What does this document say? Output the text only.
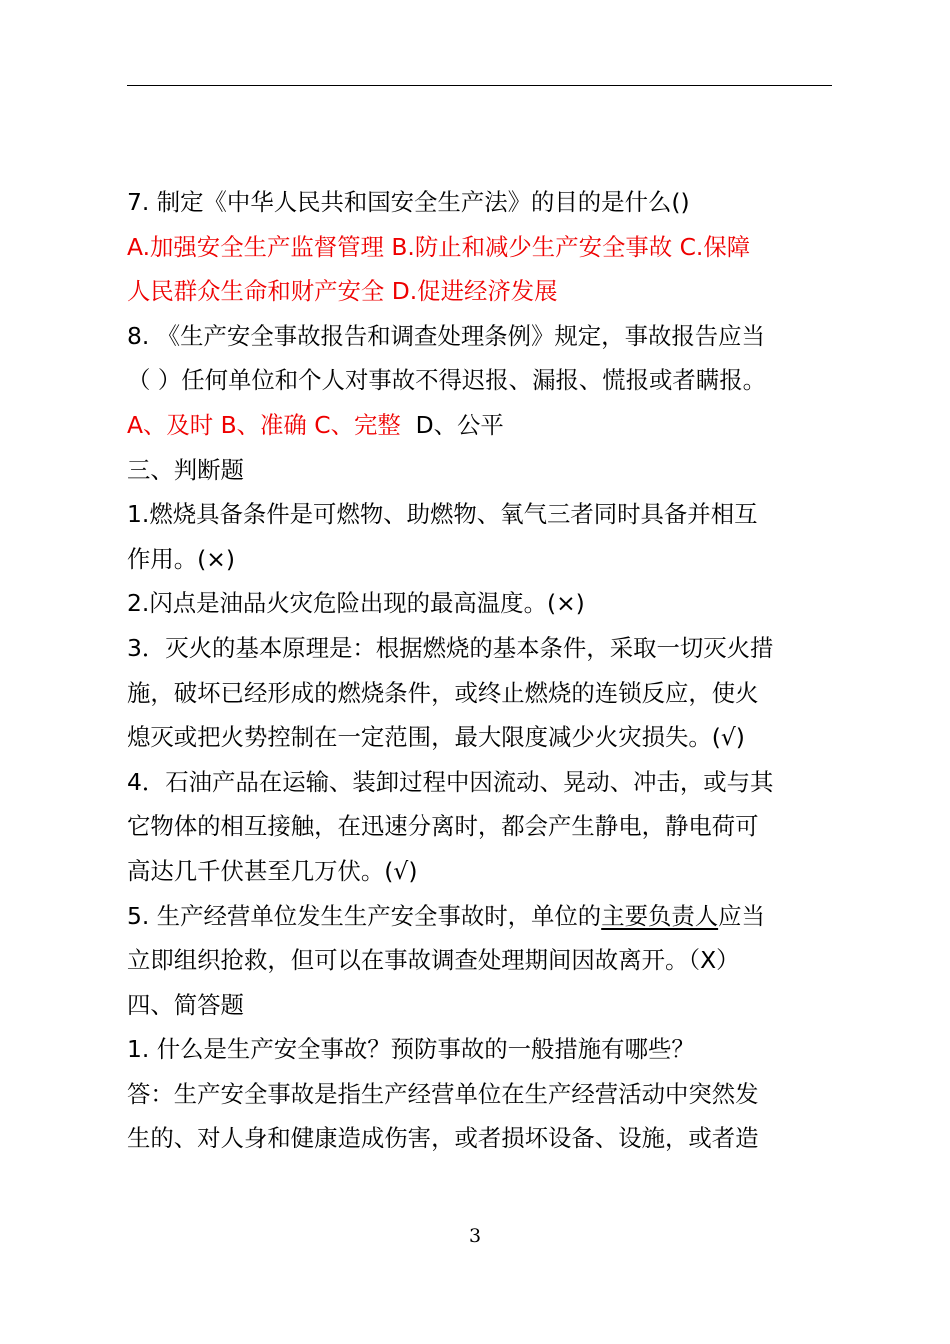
7. 制定《中华人民共和国安全生产法》的目的是什么()
A.加强安全生产监督管理 B.防止和减少生产安全事故 C.保障
人民群众生命和财产安全 D.促进经济发展
8. 《生产安全事故报告和调查处理条例》规定，事故报告应当
（ ）任何单位和个人对事故不得迟报、漏报、慌报或者瞒报。
A、及时 B、准确 C、完整 D、公平
三、判断题
1.燃烧具备条件是可燃物、助燃物、氧气三者同时具备并相互
作用。(×)
2.闪点是油品火灾危险出现的最高温度。(×)
3．灭火的基本原理是：根据燃烧的基本条件，采取一切灭火措
施，破坏已经形成的燃烧条件，或终止燃烧的连锁反应，使火
熄灭或把火势控制在一定范围，最大限度减少火灾损失。(√)
4．石油产品在运输、装卸过程中因流动、晃动、冲击，或与其
它物体的相互接触，在迅速分离时，都会产生静电，静电荷可
高达几千伏甚至几万伏。(√)
5. 生产经营单位发生生产安全事故时，单位的主要负责人应当
立即组织抢救，但可以在事故调查处理期间因故离开。（X）
四、简答题
1. 什么是生产安全事故？预防事故的一般措施有哪些？
答：生产安全事故是指生产经营单位在生产经营活动中突然发
生的、对人身和健康造成伤害，或者损坏设备、设施，或者造
3
